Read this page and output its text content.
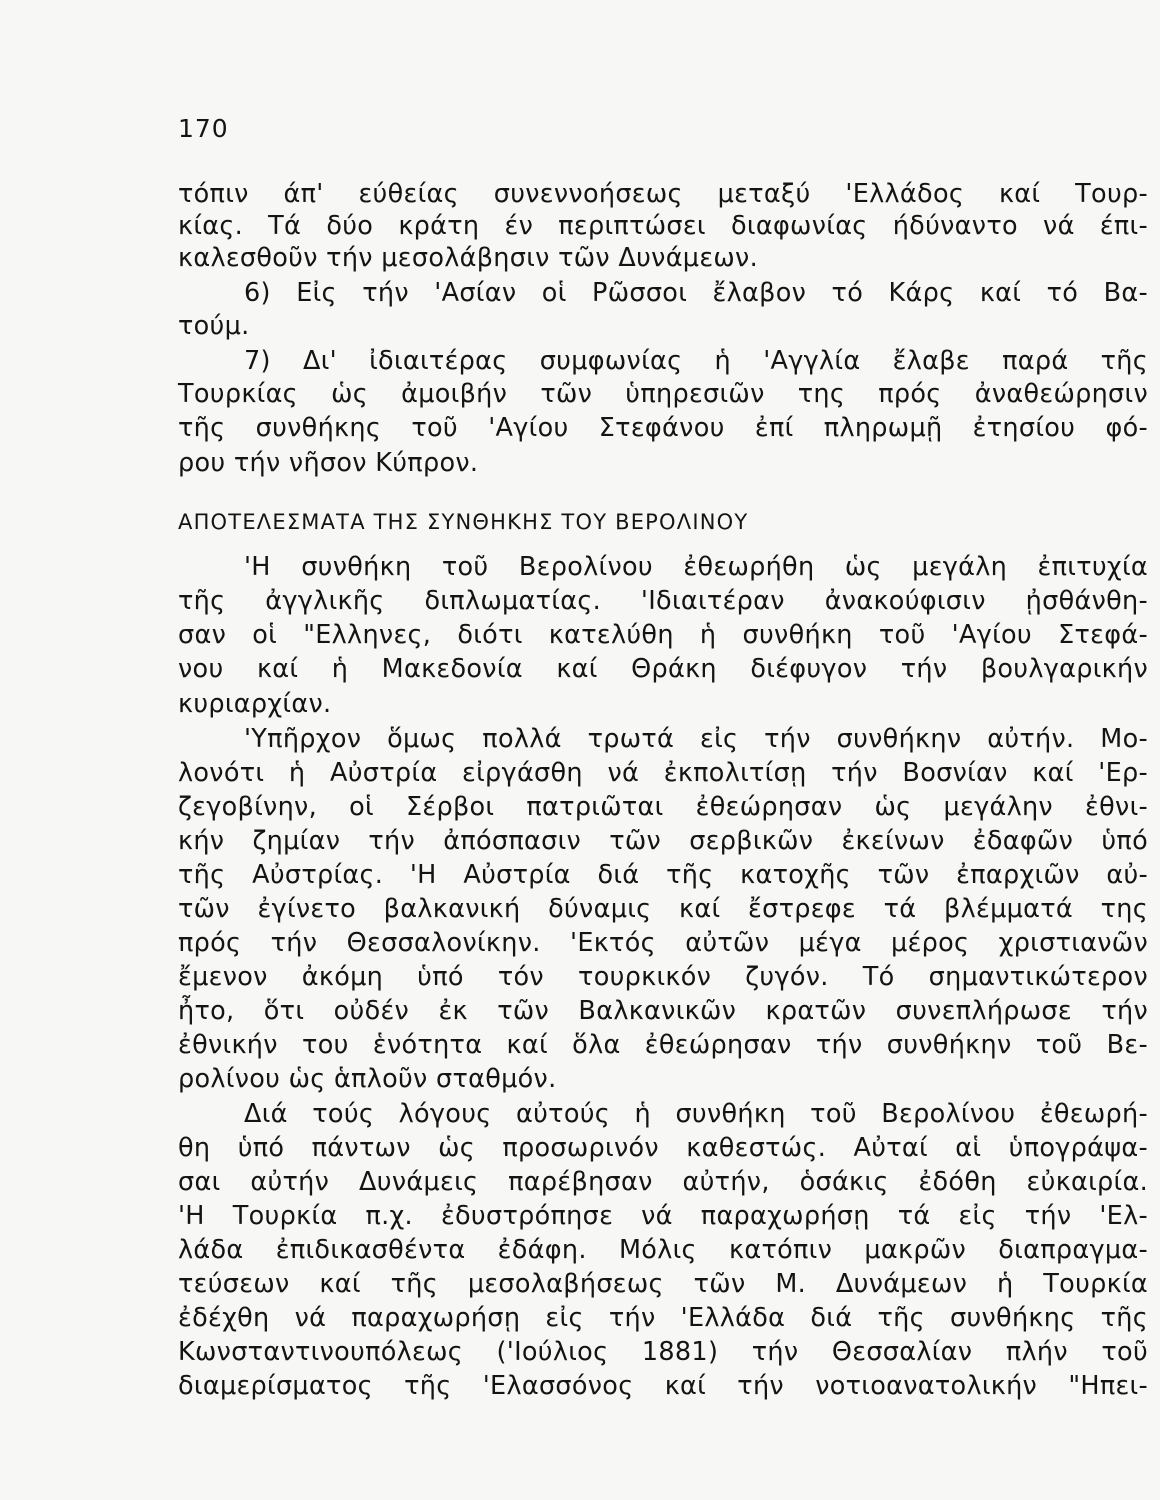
170
τόπιν άπ' εύθείας συνεννοήσεως μεταξύ 'Ελλάδος καί Τουρ-
κίας. Τά δύο κράτη έν περιπτώσει διαφωνίας ήδύναντο νά έπι-
καλεσθοῦν τήν μεσολάβησιν τῶν Δυνάμεων.
6) Εἰς τήν 'Ασίαν οἱ Ρῶσσοι ἔλαβον τό Κάρς καί τό Βα-
τούμ.
7) Δι' ἰδιαιτέρας συμφωνίας ἡ 'Αγγλία ἔλαβε παρά τῆς
Τουρκίας ὡς ἀμοιβήν τῶν ὑπηρεσιῶν της πρός ἀναθεώρησιν
τῆς συνθήκης τοῦ 'Αγίου Στεφάνου ἐπί πληρωμῇ ἐτησίου φό-
ρου τήν νῆσον Κύπρον.
ΑΠΟΤΕΛΕΣΜΑΤΑ ΤΗΣ ΣΥΝΘΗΚΗΣ ΤΟΥ ΒΕΡΟΛΙΝΟΥ
'Η συνθήκη τοῦ Βερολίνου ἐθεωρήθη ὡς μεγάλη ἐπιτυχία
τῆς ἀγγλικῆς διπλωματίας. 'Ιδιαιτέραν ἀνακούφισιν ᾐσθάνθη-
σαν οἱ "Ελληνες, διότι κατελύθη ἡ συνθήκη τοῦ 'Αγίου Στεφά-
νου καί ἡ Μακεδονία καί Θράκη διέφυγον τήν βουλγαρικήν
κυριαρχίαν.
'Υπῆρχον ὅμως πολλά τρωτά εἰς τήν συνθήκην αὐτήν. Μο-
λονότι ἡ Αὐστρία εἰργάσθη νά ἐκπολιτίσῃ τήν Βοσνίαν καί 'Ερ-
ζεγοβίνην, οἱ Σέρβοι πατριῶται ἐθεώρησαν ὡς μεγάλην ἐθνι-
κήν ζημίαν τήν ἀπόσπασιν τῶν σερβικῶν ἐκείνων ἐδαφῶν ὑπό
τῆς Αὐστρίας. 'Η Αὐστρία διά τῆς κατοχῆς τῶν ἐπαρχιῶν αὐ-
τῶν ἐγίνετο βαλκανική δύναμις καί ἔστρεφε τά βλέμματά της
πρός τήν Θεσσαλονίκην. 'Εκτός αὐτῶν μέγα μέρος χριστιανῶν
ἔμενον ἀκόμη ὑπό τόν τουρκικόν ζυγόν. Τό σημαντικώτερον
ἦτο, ὅτι οὐδέν ἐκ τῶν Βαλκανικῶν κρατῶν συνεπλήρωσε τήν
ἐθνικήν του ἑνότητα καί ὅλα ἐθεώρησαν τήν συνθήκην τοῦ Βε-
ρολίνου ὡς ἁπλοῦν σταθμόν.
Διά τούς λόγους αὐτούς ἡ συνθήκη τοῦ Βερολίνου ἐθεωρή-
θη ὑπό πάντων ὡς προσωρινόν καθεστώς. Αὐταί αἱ ὑπογράψα-
σαι αὐτήν Δυνάμεις παρέβησαν αὐτήν, ὁσάκις ἐδόθη εὐκαιρία.
'Η Τουρκία π.χ. ἐδυστρόπησε νά παραχωρήσῃ τά εἰς τήν 'Ελ-
λάδα ἐπιδικασθέντα ἐδάφη. Μόλις κατόπιν μακρῶν διαπραγμα-
τεύσεων καί τῆς μεσολαβήσεως τῶν Μ. Δυνάμεων ἡ Τουρκία
ἐδέχθη νά παραχωρήσῃ εἰς τήν 'Ελλάδα διά τῆς συνθήκης τῆς
Κωνσταντινουπόλεως ('Ιούλιος 1881) τήν Θεσσαλίαν πλήν τοῦ
διαμερίσματος τῆς 'Ελασσόνος καί τήν νοτιοανατολικήν "Ηπει-
